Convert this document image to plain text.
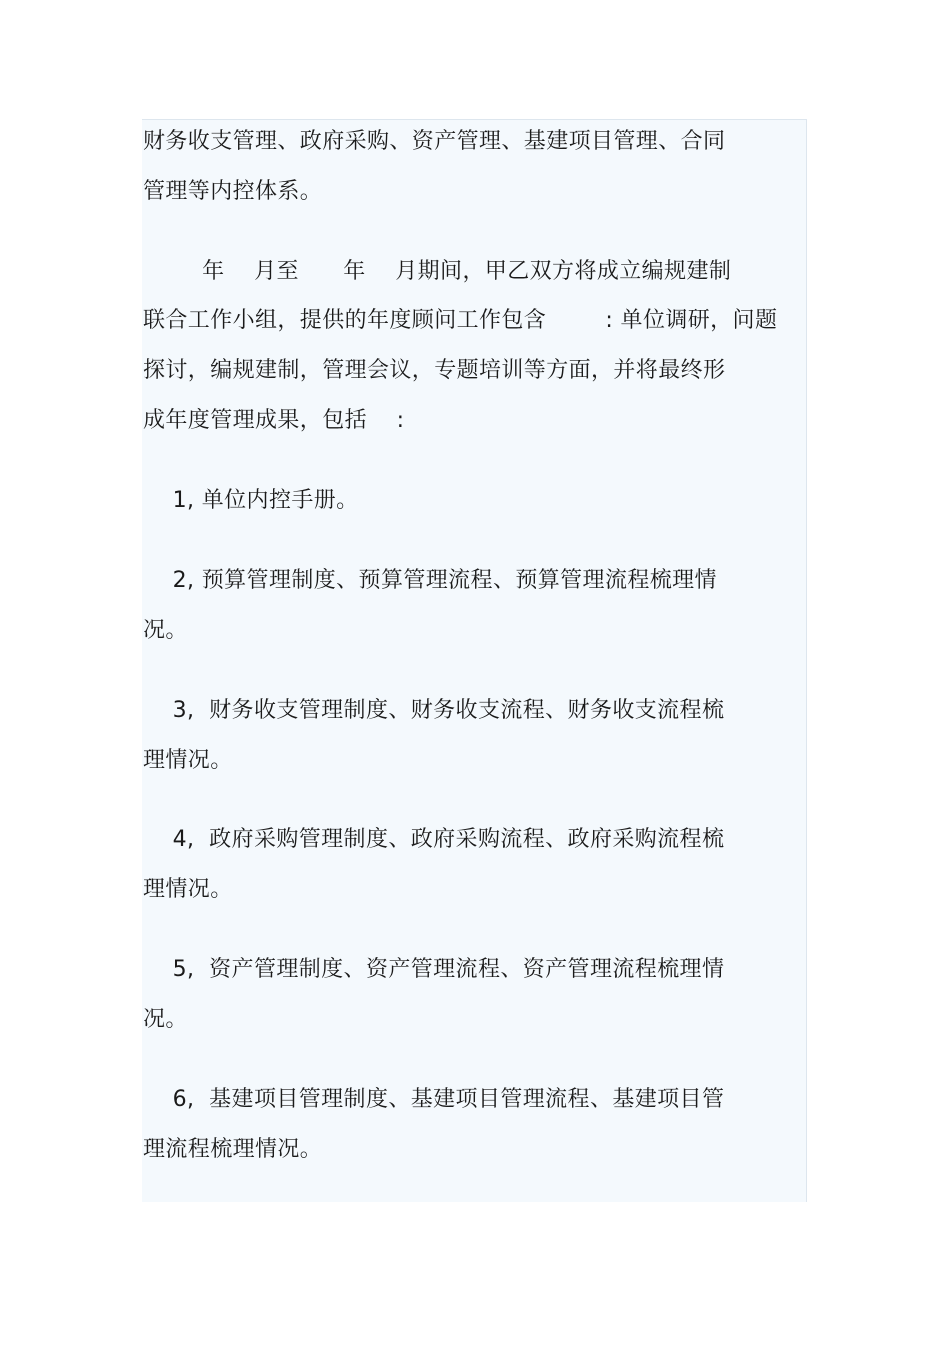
财务收支管理、政府采购、资产管理、基建项目管理、合同
管理等内控体系。
年    月至      年    月期间，甲乙双方将成立编规建制
联合工作小组，提供的年度顾问工作包含        : 单位调研，问题
探讨，编规建制，管理会议，专题培训等方面，并将最终形
成年度管理成果，包括    :
1, 单位内控手册。
2, 预算管理制度、预算管理流程、预算管理流程梳理情
况。
3,  财务收支管理制度、财务收支流程、财务收支流程梳
理情况。
4,  政府采购管理制度、政府采购流程、政府采购流程梳
理情况。
5,  资产管理制度、资产管理流程、资产管理流程梳理情
况。
6,  基建项目管理制度、基建项目管理流程、基建项目管
理流程梳理情况。
